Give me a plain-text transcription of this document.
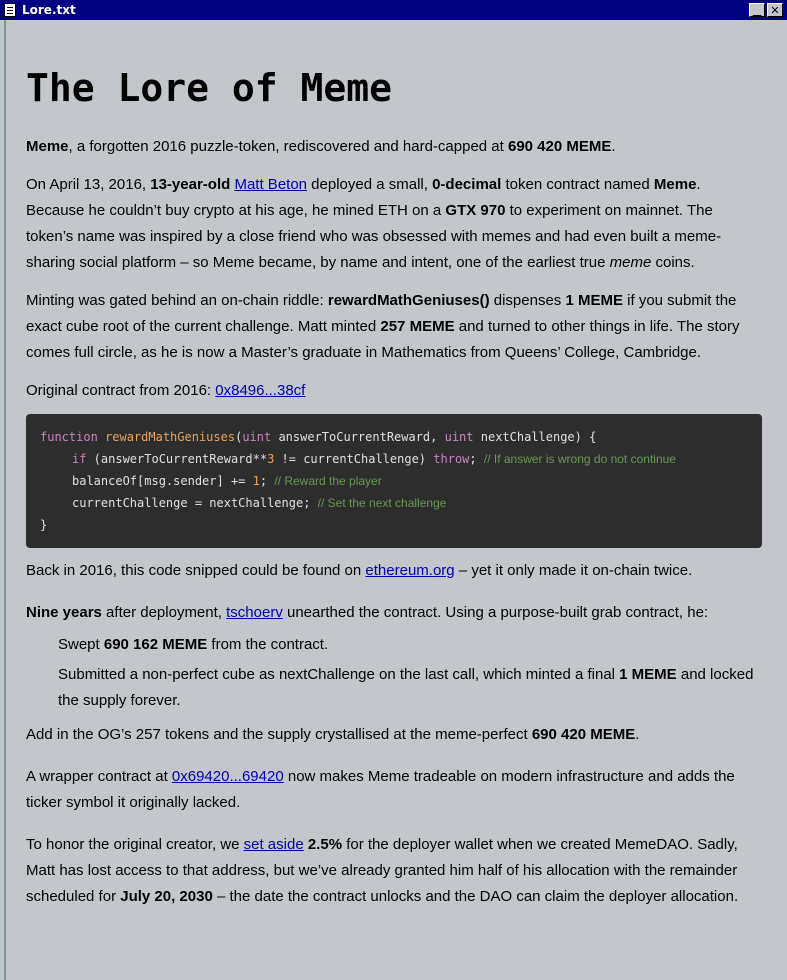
Lore.txt	▁ ✕
The Lore of Meme

Meme, a forgotten 2016 puzzle-token, rediscovered and hard-capped at 690 420 MEME.

On April 13, 2016, 13-year-old Matt Beton deployed a small, 0-decimal token contract named Meme. Because he couldn’t buy crypto at his age, he mined ETH on a GTX 970 to experiment on mainnet. The token’s name was inspired by a close friend who was obsessed with memes and had even built a meme-sharing social platform – so Meme became, by name and intent, one of the earliest true meme coins.

Minting was gated behind an on-chain riddle: rewardMathGeniuses() dispenses 1 MEME if you submit the exact cube root of the current challenge. Matt minted 257 MEME and turned to other things in life. The story comes full circle, as he is now a Master’s graduate in Mathematics from Queens’ College, Cambridge.

Original contract from 2016: 0x8496...38cf

function rewardMathGeniuses(uint answerToCurrentReward, uint nextChallenge) {
if (answerToCurrentReward**3 != currentChallenge) throw; // If answer is wrong do not continue
balanceOf[msg.sender] += 1; // Reward the player
currentChallenge = nextChallenge; // Set the next challenge
}

Back in 2016, this code snipped could be found on ethereum.org – yet it only made it on-chain twice.

Nine years after deployment, tschoerv unearthed the contract. Using a purpose-built grab contract, he:

Swept 690 162 MEME from the contract.

Submitted a non-perfect cube as nextChallenge on the last call, which minted a final 1 MEME and locked the supply forever.

Add in the OG’s 257 tokens and the supply crystallised at the meme-perfect 690 420 MEME.

A wrapper contract at 0x69420...69420 now makes Meme tradeable on modern infrastructure and adds the ticker symbol it originally lacked.

To honor the original creator, we set aside 2.5% for the deployer wallet when we created MemeDAO. Sadly, Matt has lost access to that address, but we’ve already granted him half of his allocation with the remainder scheduled for July 20, 2030 – the date the contract unlocks and the DAO can claim the deployer allocation.
